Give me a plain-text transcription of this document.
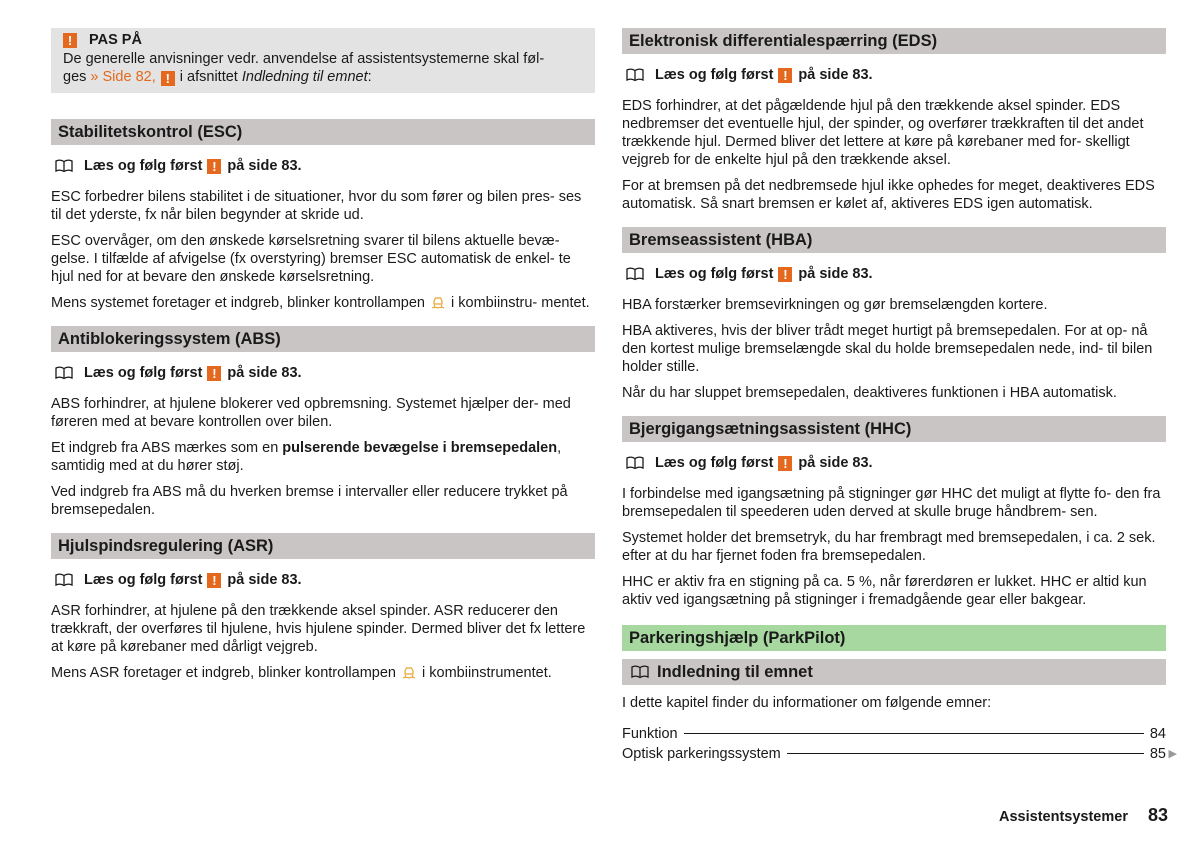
!	PAS PÅ
De generelle anvisninger vedr. anvendelse af assistentsystemerne skal føl-
ges » Side 82, ! i afsnittet Indledning til emnet:
Stabilitetskontrol (ESC)
Læs og følg først ! på side 83.

ESC forbedrer bilens stabilitet i de situationer, hvor du som fører og bilen pres- ses til det yderste, fx når bilen begynder at skride ud.

ESC overvåger, om den ønskede kørselsretning svarer til bilens aktuelle bevæ- gelse. I tilfælde af afvigelse (fx overstyring) bremser ESC automatisk de enkel- te hjul ned for at bevare den ønskede kørselsretning.

Mens systemet foretager et indgreb, blinker kontrollampen i kombiinstru- mentet.

Antiblokeringssystem (ABS)
Læs og følg først ! på side 83.

ABS forhindrer, at hjulene blokerer ved opbremsning. Systemet hjælper der- med føreren med at bevare kontrollen over bilen.

Et indgreb fra ABS mærkes som en pulserende bevægelse i bremsepedalen, samtidig med at du hører støj.

Ved indgreb fra ABS må du hverken bremse i intervaller eller reducere trykket på bremsepedalen.

Hjulspindsregulering (ASR)
Læs og følg først ! på side 83.

ASR forhindrer, at hjulene på den trækkende aksel spinder. ASR reducerer den trækkraft, der overføres til hjulene, hvis hjulene spinder. Dermed bliver det fx lettere at køre på kørebaner med dårligt vejgreb.

Mens ASR foretager et indgreb, blinker kontrollampen i kombiinstrumentet.

Elektronisk differentialespærring (EDS)
Læs og følg først ! på side 83.

EDS forhindrer, at det pågældende hjul på den trækkende aksel spinder. EDS nedbremser det eventuelle hjul, der spinder, og overfører trækkraften til det andet trækkende hjul. Dermed bliver det lettere at køre på kørebaner med for- skelligt vejgreb for de enkelte hjul på den trækkende aksel.

For at bremsen på det nedbremsede hjul ikke ophedes for meget, deaktiveres EDS automatisk. Så snart bremsen er kølet af, aktiveres EDS igen automatisk.

Bremseassistent (HBA)
Læs og følg først ! på side 83.

HBA forstærker bremsevirkningen og gør bremselængden kortere.

HBA aktiveres, hvis der bliver trådt meget hurtigt på bremsepedalen. For at op- nå den kortest mulige bremselængde skal du holde bremsepedalen nede, ind- til bilen holder stille.

Når du har sluppet bremsepedalen, deaktiveres funktionen i HBA automatisk.

Bjergigangsætningsassistent (HHC)
Læs og følg først ! på side 83.

I forbindelse med igangsætning på stigninger gør HHC det muligt at flytte fo- den fra bremsepedalen til speederen uden derved at skulle bruge håndbrem- sen.

Systemet holder det bremsetryk, du har frembragt med bremsepedalen, i ca. 2 sek. efter at du har fjernet foden fra bremsepedalen.

HHC er aktiv fra en stigning på ca. 5 %, når førerdøren er lukket. HHC er altid kun aktiv ved igangsætning på stigninger i fremadgående gear eller bakgear.

Parkeringshjælp (ParkPilot)
Indledning til emnet

I dette kapitel finder du informationer om følgende emner:

Funktion	84
Optisk parkeringssystem	85 ▶
Assistentsystemer 83
